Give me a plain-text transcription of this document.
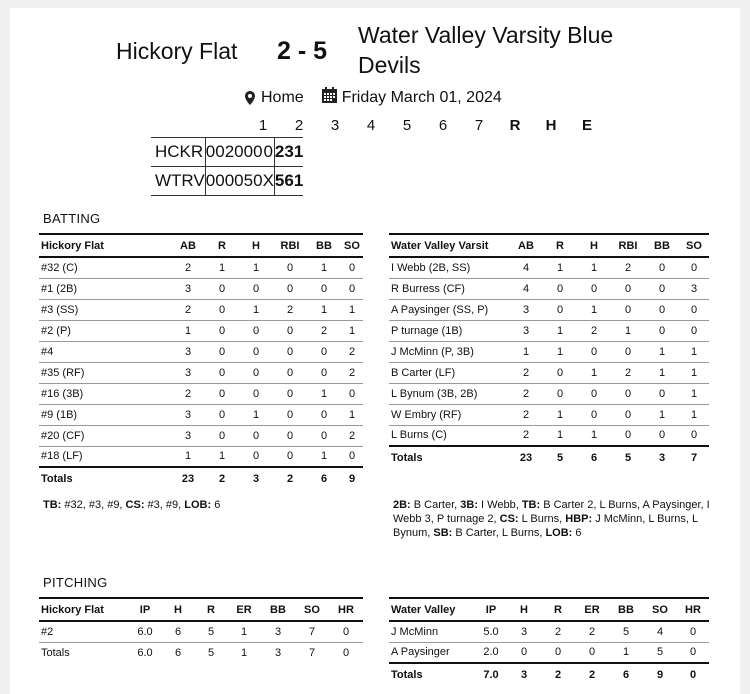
Hickory Flat 2 - 5
Water Valley Varsity Blue Devils
Home Friday March 01, 2024
1	2	3	4	5	6	7	R	H	E
HCKR	0	0	2	0	0	0	0	2	3	1
WTRV	0	0	0	0	5	0	X	5	6	1
BATTING
Hickory Flat	AB	R	H	RBI	BB	SO
#32 (C)	2	1	1	0	1	0
#1 (2B)	3	0	0	0	0	0
#3 (SS)	2	0	1	2	1	1
#2 (P)	1	0	0	0	2	1
#4	3	0	0	0	0	2
#35 (RF)	3	0	0	0	0	2
#16 (3B)	2	0	0	0	1	0
#9 (1B)	3	0	1	0	0	1
#20 (CF)	3	0	0	0	0	2
#18 (LF)	1	1	0	0	1	0
Totals	23	2	3	2	6	9
Water Valley Varsit	AB	R	H	RBI	BB	SO
I Webb (2B, SS)	4	1	1	2	0	0
R Burress (CF)	4	0	0	0	0	3
A Paysinger (SS, P)	3	0	1	0	0	0
P turnage (1B)	3	1	2	1	0	0
J McMinn (P, 3B)	1	1	0	0	1	1
B Carter (LF)	2	0	1	2	1	1
L Bynum (3B, 2B)	2	0	0	0	0	1
W Embry (RF)	2	1	0	0	1	1
L Burns (C)	2	1	1	0	0	0
Totals	23	5	6	5	3	7
TB: #32, #3, #9, CS: #3, #9, LOB: 6	2B: B Carter, 3B: I Webb, TB: B Carter 2, L Burns, A Paysinger, I Webb 3, P turnage 2, CS: L Burns, HBP: J McMinn, L Burns, L Bynum, SB: B Carter, L Burns, LOB: 6
PITCHING
Hickory Flat	IP	H	R	ER	BB	SO	HR
#2	6.0	6	5	1	3	7	0
Totals	6.0	6	5	1	3	7	0
Water Valley	IP	H	R	ER	BB	SO	HR
J McMinn	5.0	3	2	2	5	4	0
A Paysinger	2.0	0	0	0	1	5	0
Totals	7.0	3	2	2	6	9	0
